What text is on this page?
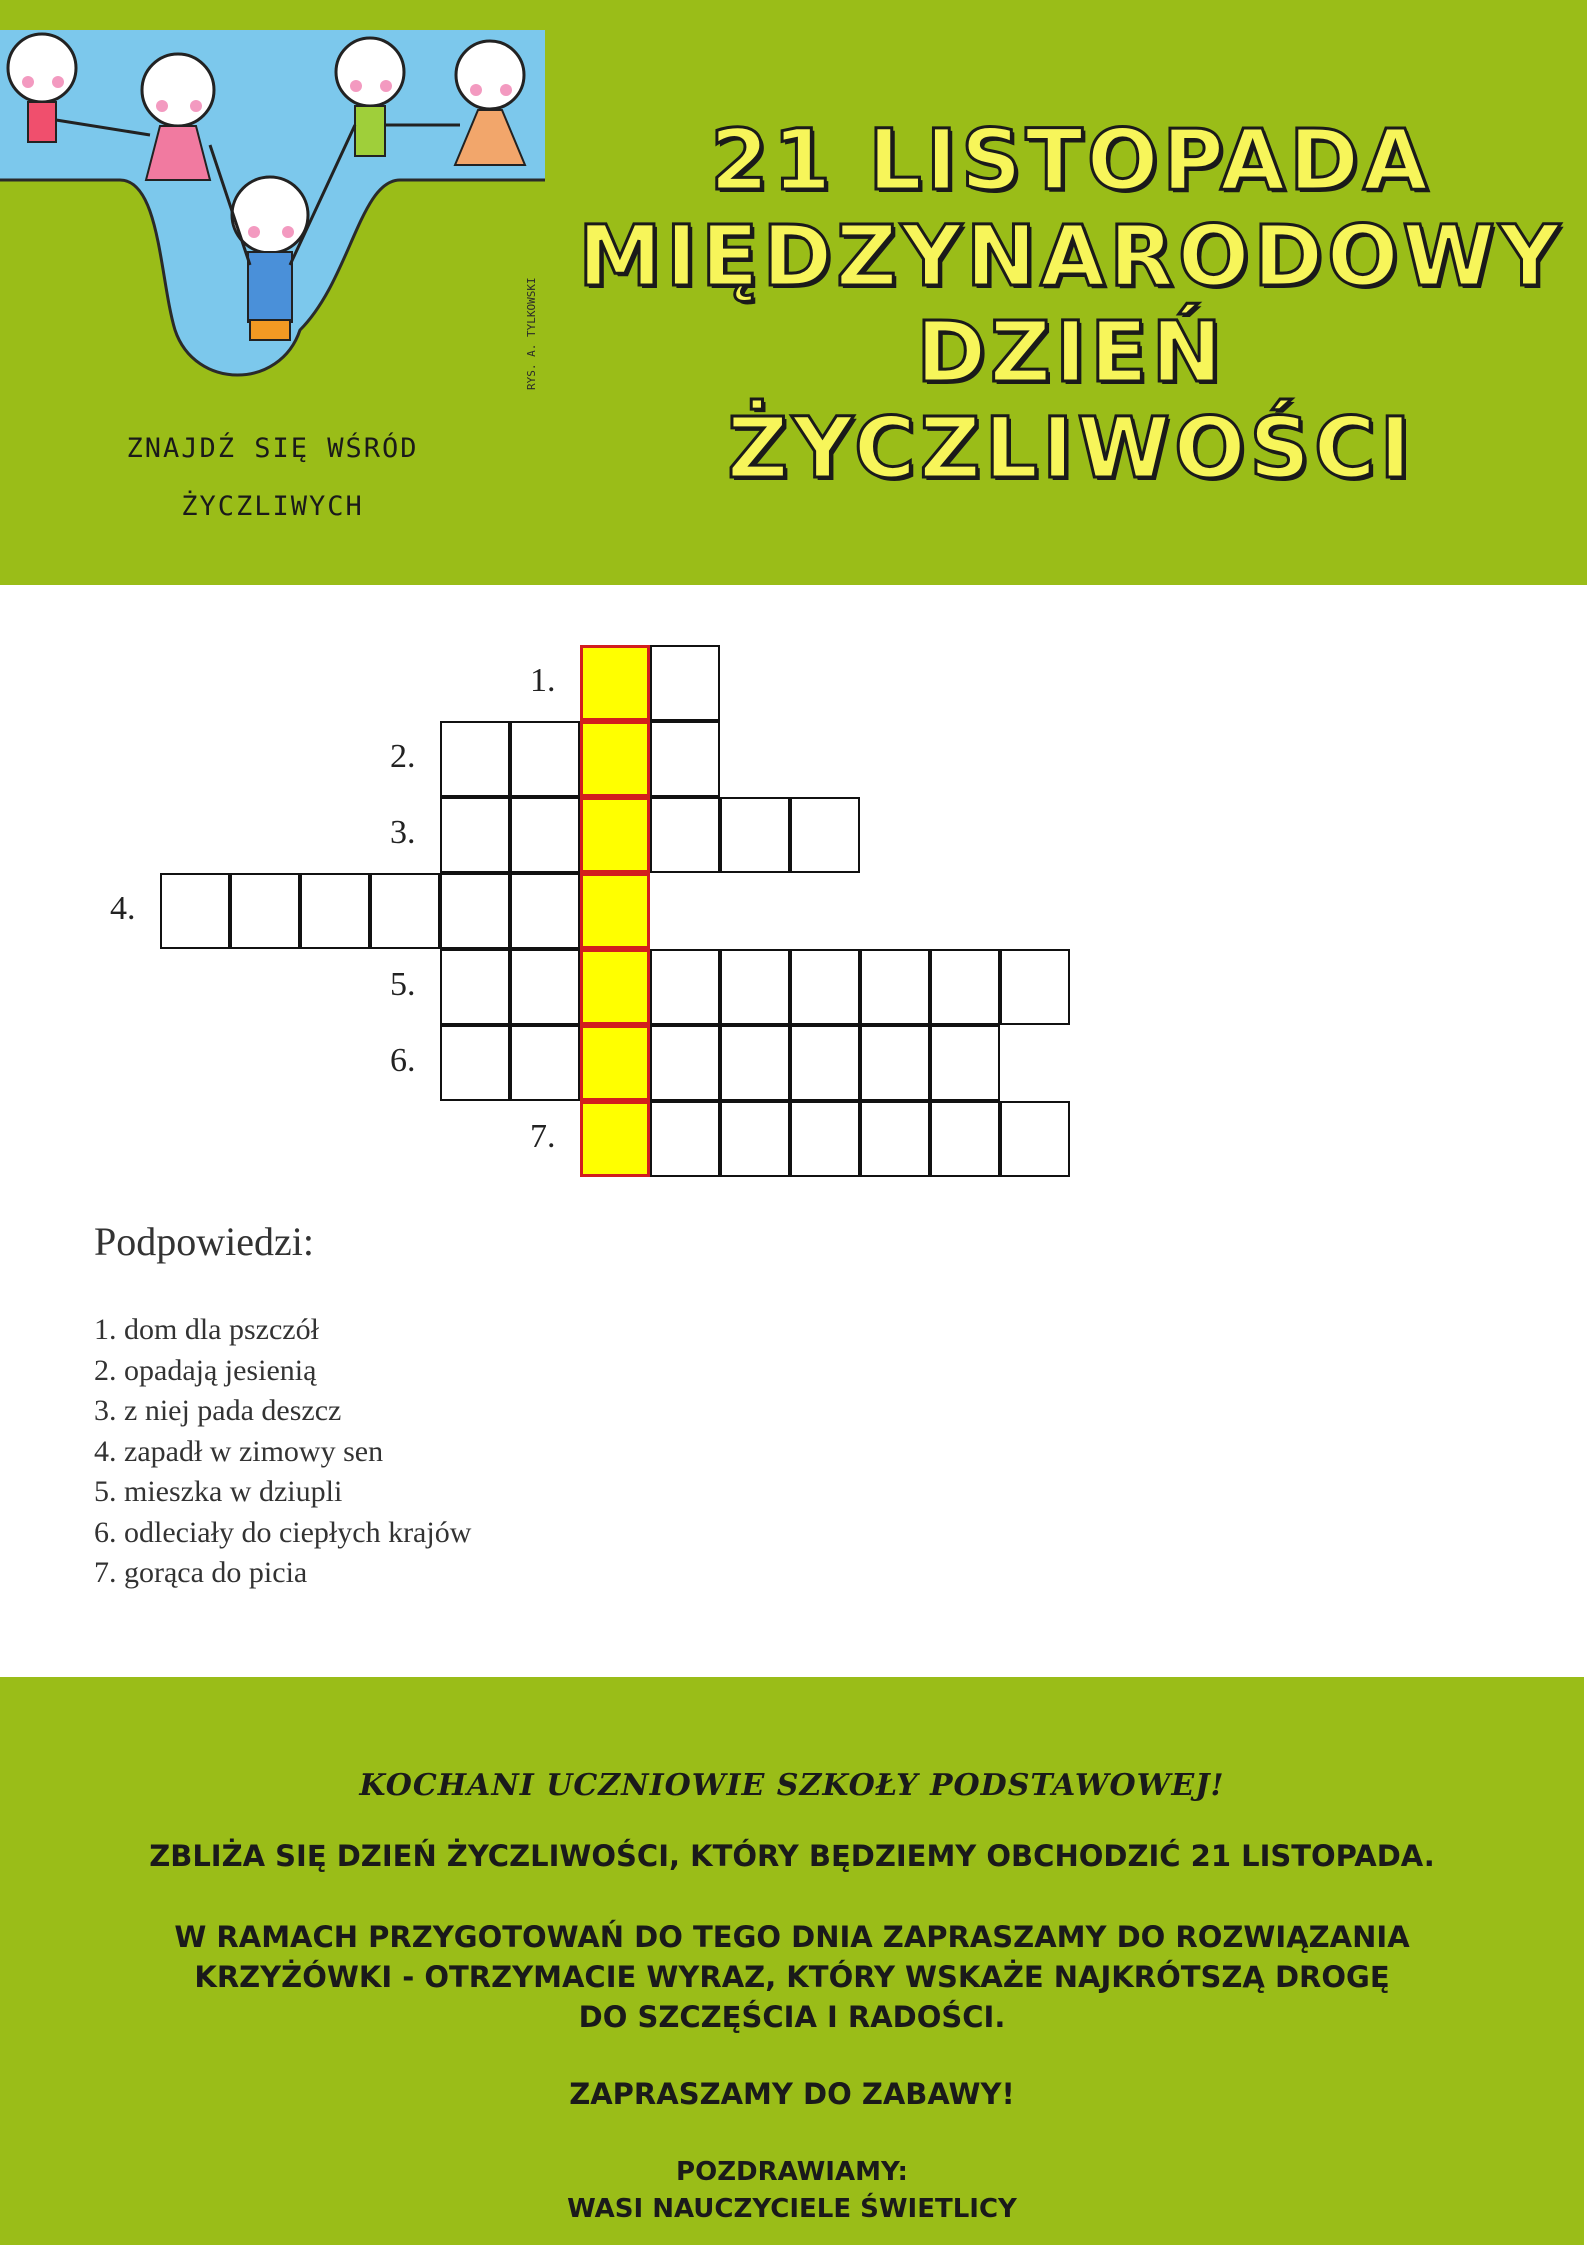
RYS. A. TYLKOWSKI
ZNAJDŹ SIĘ WŚRÓD
ŻYCZLIWYCH
21 LISTOPADA
MIĘDZYNARODOWY
DZIEŃ
ŻYCZLIWOŚCI
1.
2.
3.
4.
5.
6.
7.
Podpowiedzi:
1. dom dla pszczół
2. opadają jesienią
3. z niej pada deszcz
4. zapadł w zimowy sen
5. mieszka w dziupli
6. odleciały do ciepłych krajów
7. gorąca do picia

KOCHANI UCZNIOWIE SZKOŁY PODSTAWOWEJ!

ZBLIŻA SIĘ DZIEŃ ŻYCZLIWOŚCI, KTÓRY BĘDZIEMY OBCHODZIĆ 21 LISTOPADA.

W RAMACH PRZYGOTOWAŃ DO TEGO DNIA ZAPRASZAMY DO ROZWIĄZANIA
KRZYŻÓWKI - OTRZYMACIE WYRAZ, KTÓRY WSKAŻE NAJKRÓTSZĄ DROGĘ
DO SZCZĘŚCIA I RADOŚCI.

ZAPRASZAMY DO ZABAWY!

POZDRAWIAMY:
WASI NAUCZYCIELE ŚWIETLICY
